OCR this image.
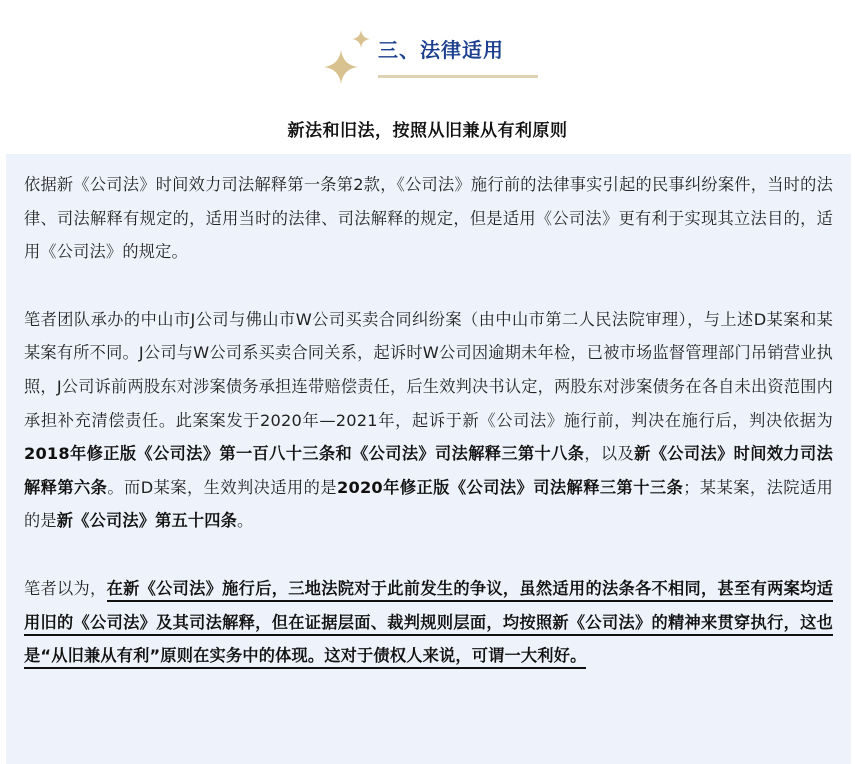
三、法律适用
新法和旧法，按照从旧兼从有利原则

依据新《公司法》时间效力司法解释第一条第2款，《公司法》施行前的法律事实引起的民事纠纷案件，当时的法律、司法解释有规定的，适用当时的法律、司法解释的规定，但是适用《公司法》更有利于实现其立法目的，适用《公司法》的规定。

笔者团队承办的中山市J公司与佛山市W公司买卖合同纠纷案（由中山市第二人民法院审理），与上述D某案和某某案有所不同。J公司与W公司系买卖合同关系，起诉时W公司因逾期未年检，已被市场监督管理部门吊销营业执照，J公司诉前两股东对涉案债务承担连带赔偿责任，后生效判决书认定，两股东对涉案债务在各自未出资范围内承担补充清偿责任。此案案发于2020年—2021年，起诉于新《公司法》施行前，判决在施行后，判决依据为2018年修正版《公司法》第一百八十三条和《公司法》司法解释三第十八条，以及新《公司法》时间效力司法解释第六条。而D某案，生效判决适用的是2020年修正版《公司法》司法解释三第十三条；某某案，法院适用的是新《公司法》第五十四条。

笔者以为，在新《公司法》施行后，三地法院对于此前发生的争议，虽然适用的法条各不相同，甚至有两案均适用旧的《公司法》及其司法解释，但在证据层面、裁判规则层面，均按照新《公司法》的精神来贯穿执行，这也是“从旧兼从有利”原则在实务中的体现。这对于债权人来说，可谓一大利好。
